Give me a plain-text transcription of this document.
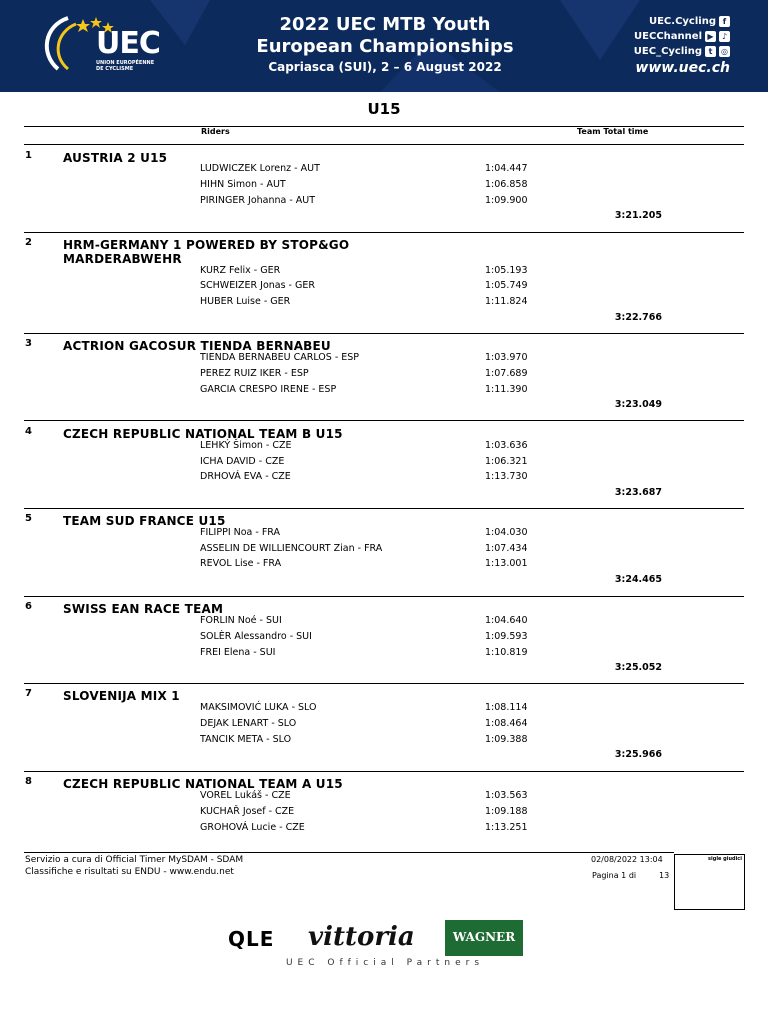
UEC
UNION EUROPÉENNE DE CYCLISME
2022 UEC MTB Youth
European Championships
Capriasca (SUI), 2 – 6 August 2022
UEC.Cycling f
UECChannel ▶	♪
UEC_Cycling t	◎
www.uec.ch
U15
Riders	Team Total time
1	AUSTRIA 2 U15
LUDWICZEK Lorenz - AUT	1:04.447
HIHN Simon - AUT	1:06.858
PIRINGER Johanna - AUT	1:09.900
3:21.205
2	HRM-GERMANY 1 POWERED BY STOP&GO MARDERABWEHR
KURZ Felix - GER	1:05.193
SCHWEIZER Jonas - GER	1:05.749
HUBER Luise - GER	1:11.824
3:22.766
3	ACTRION GACOSUR TIENDA BERNABEU
TIENDA BERNABEU CARLOS - ESP	1:03.970
PEREZ RUIZ IKER - ESP	1:07.689
GARCIA CRESPO IRENE - ESP	1:11.390
3:23.049
4	CZECH REPUBLIC NATIONAL TEAM B U15
LEHKÝ Šimon - CZE	1:03.636
ICHA DAVID - CZE	1:06.321
DRHOVÁ EVA - CZE	1:13.730
3:23.687
5	TEAM SUD FRANCE U15
FILIPPI Noa - FRA	1:04.030
ASSELIN DE WILLIENCOURT Zian - FRA	1:07.434
REVOL Lise - FRA	1:13.001
3:24.465
6	SWISS EAN RACE TEAM
FORLIN Noé - SUI	1:04.640
SOLÈR Alessandro - SUI	1:09.593
FREI Elena - SUI	1:10.819
3:25.052
7	SLOVENIJA MIX 1
MAKSIMOVIĆ LUKA - SLO	1:08.114
DEJAK LENART - SLO	1:08.464
TANCIK META - SLO	1:09.388
3:25.966
8	CZECH REPUBLIC NATIONAL TEAM A U15
VOREL Lukáš - CZE	1:03.563
KUCHAŘ Josef - CZE	1:09.188
GROHOVÁ Lucie - CZE	1:13.251
Servizio a cura di Official Timer MySDAM - SDAM
Classifiche e risultati su ENDU - www.endu.net
02/08/2022 13:04
Pagina 1 di	13
sigle giudici
QLE vittoria	WAGNER
UEC Official Partners
